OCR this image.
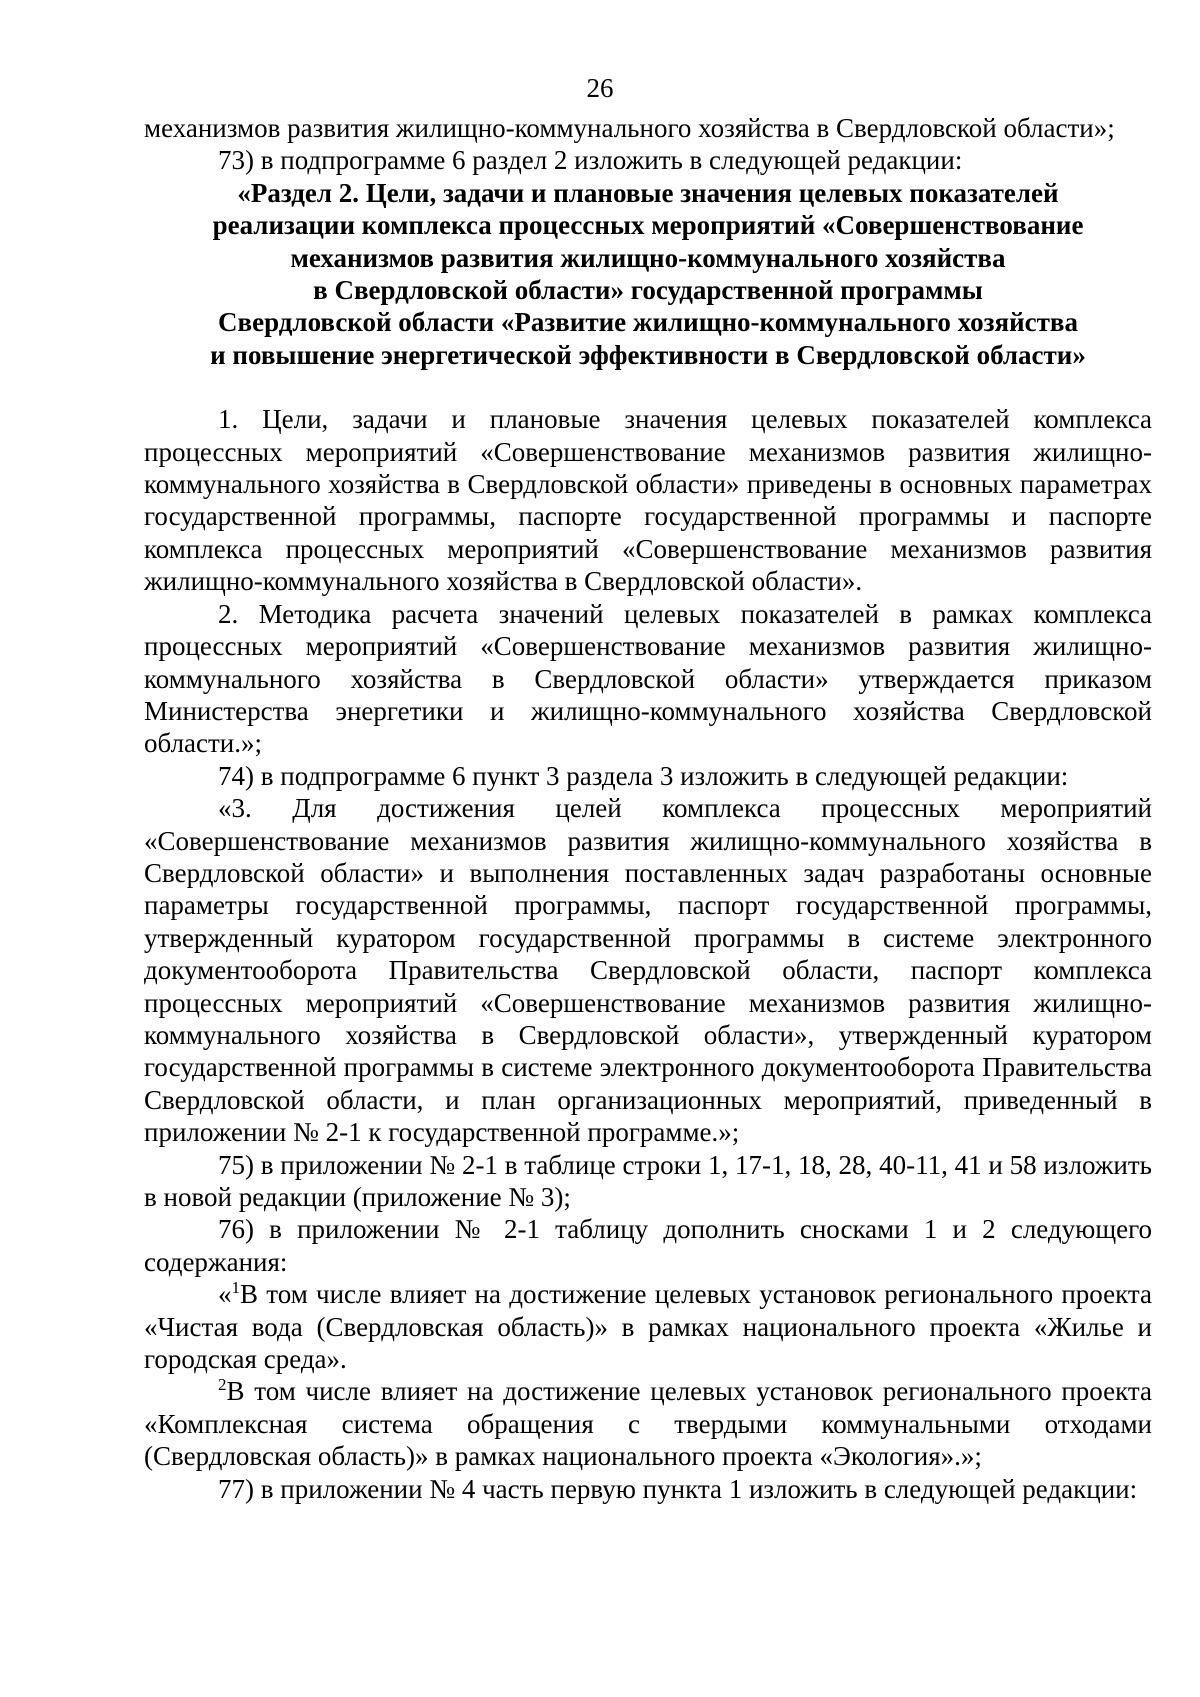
26

механизмов развития жилищно-коммунального хозяйства в Свердловской области»;

73) в подпрограмме 6 раздел 2 изложить в следующей редакции:

«Раздел 2. Цели, задачи и плановые значения целевых показателей
реализации комплекса процессных мероприятий «Совершенствование
механизмов развития жилищно-коммунального хозяйства
в Свердловской области» государственной программы
Свердловской области «Развитие жилищно-коммунального хозяйства
и повышение энергетической эффективности в Свердловской области»

1. Цели, задачи и плановые значения целевых показателей комплекса процессных мероприятий «Совершенствование механизмов развития жилищно-коммунального хозяйства в Свердловской области» приведены в основных параметрах государственной программы, паспорте государственной программы и паспорте комплекса процессных мероприятий «Совершенствование механизмов развития жилищно-коммунального хозяйства в Свердловской области».

2. Методика расчета значений целевых показателей в рамках комплекса процессных мероприятий «Совершенствование механизмов развития жилищно-коммунального хозяйства в Свердловской области» утверждается приказом Министерства энергетики и жилищно-коммунального хозяйства Свердловской области.»;

74) в подпрограмме 6 пункт 3 раздела 3 изложить в следующей редакции:

«3. Для достижения целей комплекса процессных мероприятий «Совершенствование механизмов развития жилищно-коммунального хозяйства в Свердловской области» и выполнения поставленных задач разработаны основные параметры государственной программы, паспорт государственной программы, утвержденный куратором государственной программы в системе электронного документооборота Правительства Свердловской области, паспорт комплекса процессных мероприятий «Совершенствование механизмов развития жилищно-коммунального хозяйства в Свердловской области», утвержденный куратором государственной программы в системе электронного документооборота Правительства Свердловской области, и план организационных мероприятий, приведенный в приложении № 2-1 к государственной программе.»;

75) в приложении № 2-1 в таблице строки 1, 17-1, 18, 28, 40-11, 41 и 58 изложить в новой редакции (приложение № 3);

76) в приложении № 2-1 таблицу дополнить сносками 1 и 2 следующего содержания:

«$^1$В том числе влияет на достижение целевых установок регионального проекта «Чистая вода (Свердловская область)» в рамках национального проекта «Жилье и городская среда».

$^2$В том числе влияет на достижение целевых установок регионального проекта «Комплексная система обращения с твердыми коммунальными отходами (Свердловская область)» в рамках национального проекта «Экология».»;

77) в приложении № 4 часть первую пункта 1 изложить в следующей редакции:
